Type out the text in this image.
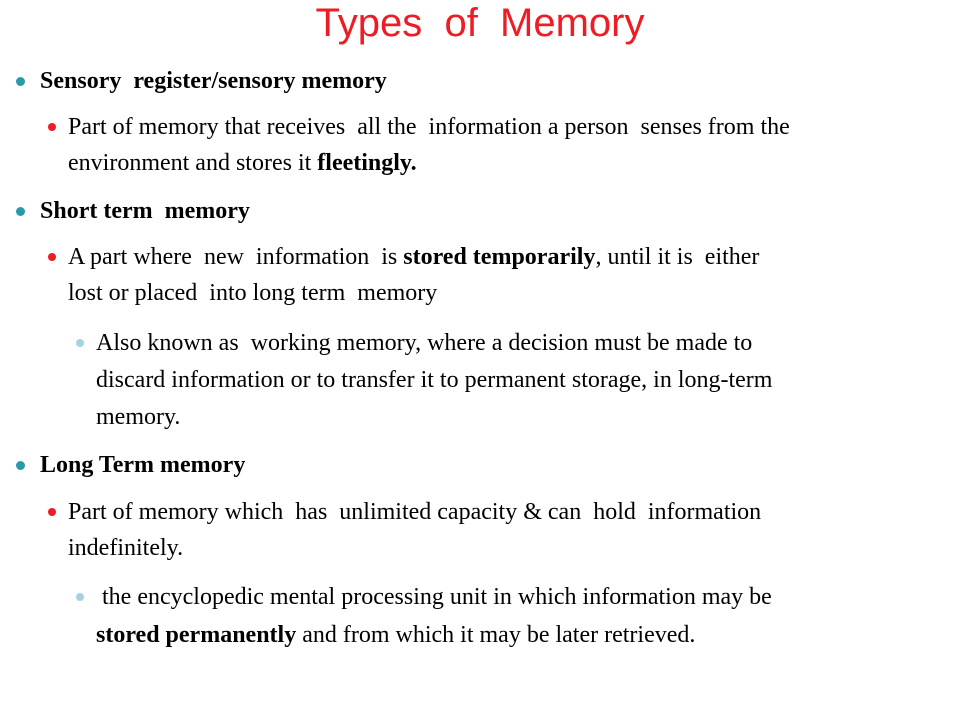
Types  of  Memory

Sensory  register/sensory memory

Part of memory that receives  all the  information a person  senses from the

environment and stores it fleetingly.

Short term  memory

A part where  new  information  is stored temporarily, until it is  either

lost or placed  into long term  memory

Also known as  working memory, where a decision must be made to

discard information or to transfer it to permanent storage, in long-term

memory.

Long Term memory

Part of memory which  has  unlimited capacity & can  hold  information

indefinitely.

the encyclopedic mental processing unit in which information may be

stored permanently and from which it may be later retrieved.
